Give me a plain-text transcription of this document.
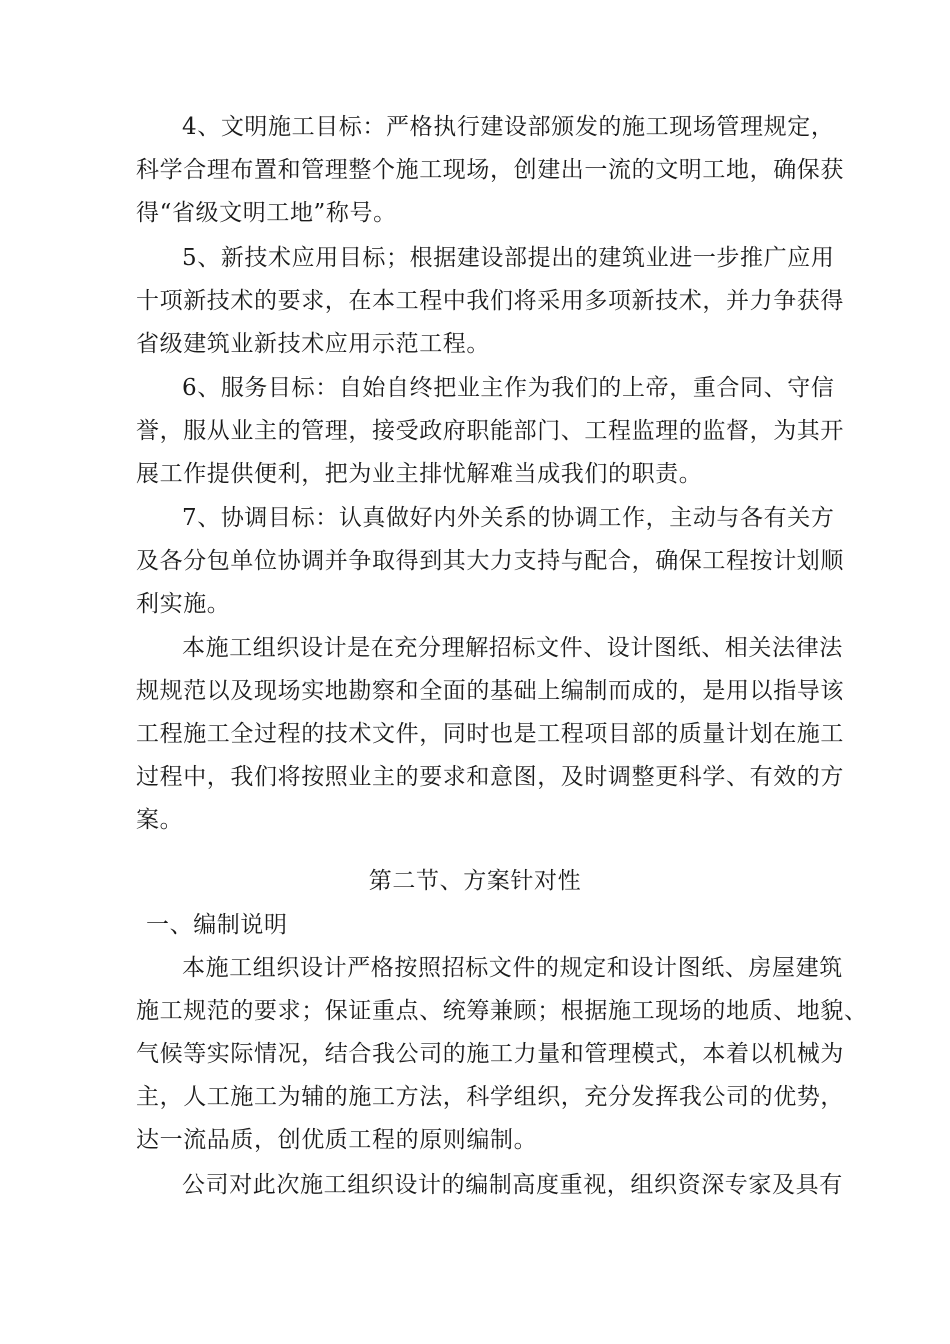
4、文明施工目标：严格执行建设部颁发的施工现场管理规定，
科学合理布置和管理整个施工现场，创建出一流的文明工地，确保获
得“省级文明工地”称号。
5、新技术应用目标；根据建设部提出的建筑业进一步推广应用
十项新技术的要求，在本工程中我们将采用多项新技术，并力争获得
省级建筑业新技术应用示范工程。
6、服务目标：自始自终把业主作为我们的上帝，重合同、守信
誉，服从业主的管理，接受政府职能部门、工程监理的监督，为其开
展工作提供便利，把为业主排忧解难当成我们的职责。
7、协调目标：认真做好内外关系的协调工作，主动与各有关方
及各分包单位协调并争取得到其大力支持与配合，确保工程按计划顺
利实施。
本施工组织设计是在充分理解招标文件、设计图纸、相关法律法
规规范以及现场实地勘察和全面的基础上编制而成的，是用以指导该
工程施工全过程的技术文件，同时也是工程项目部的质量计划在施工
过程中，我们将按照业主的要求和意图，及时调整更科学、有效的方
案。
第二节、方案针对性
一、编制说明
本施工组织设计严格按照招标文件的规定和设计图纸、房屋建筑
施工规范的要求；保证重点、统筹兼顾；根据施工现场的地质、地貌、
气候等实际情况，结合我公司的施工力量和管理模式，本着以机械为
主，人工施工为辅的施工方法，科学组织，充分发挥我公司的优势，
达一流品质，创优质工程的原则编制。
公司对此次施工组织设计的编制高度重视，组织资深专家及具有
